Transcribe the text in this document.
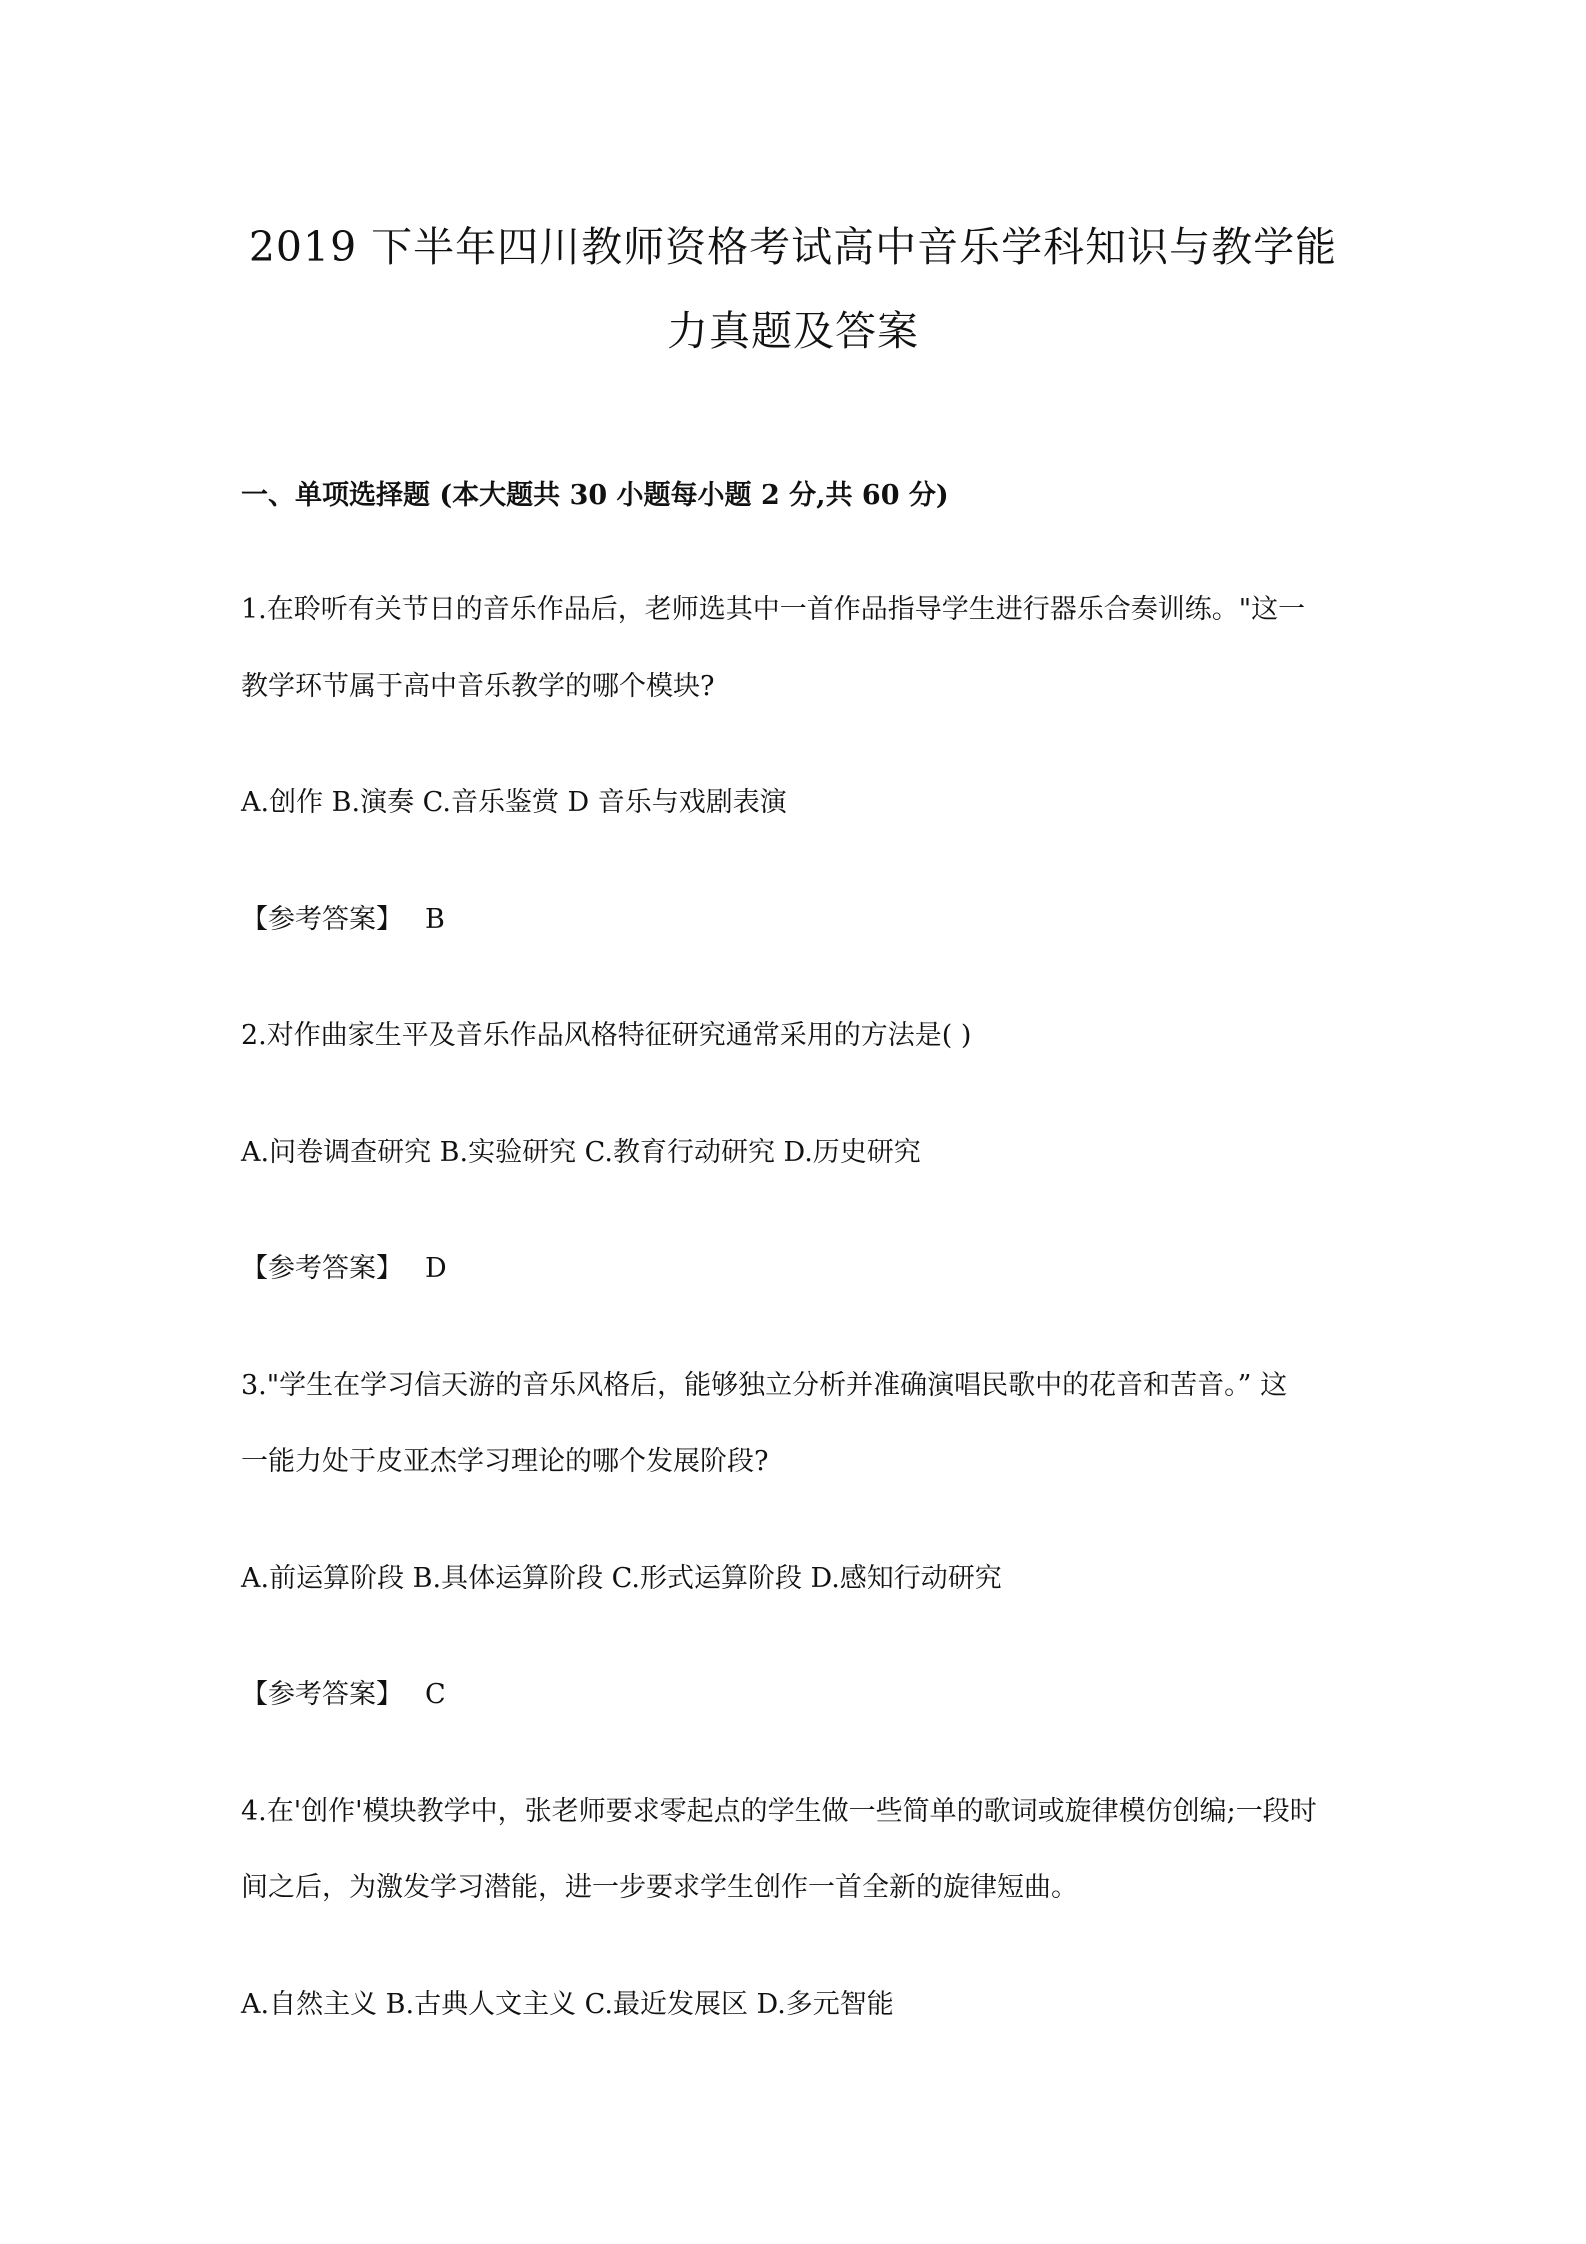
2019 下半年四川教师资格考试高中音乐学科知识与教学能
力真题及答案

一、单项选择题 (本大题共 30 小题每小题 2 分,共 60 分)

1.在聆听有关节日的音乐作品后，老师选其中一首作品指导学生进行器乐合奏训练。"这一

教学环节属于高中音乐教学的哪个模块?

A.创作 B.演奏 C.音乐鉴赏 D 音乐与戏剧表演

【参考答案】 B

2.对作曲家生平及音乐作品风格特征研究通常采用的方法是( )

A.问卷调查研究 B.实验研究 C.教育行动研究 D.历史研究

【参考答案】 D

3."学生在学习信天游的音乐风格后，能够独立分析并准确演唱民歌中的花音和苦音。” 这

一能力处于皮亚杰学习理论的哪个发展阶段?

A.前运算阶段 B.具体运算阶段 C.形式运算阶段 D.感知行动研究

【参考答案】 C

4.在'创作'模块教学中，张老师要求零起点的学生做一些简单的歌词或旋律模仿创编;一段时

间之后，为激发学习潜能，进一步要求学生创作一首全新的旋律短曲。

A.自然主义 B.古典人文主义 C.最近发展区 D.多元智能
